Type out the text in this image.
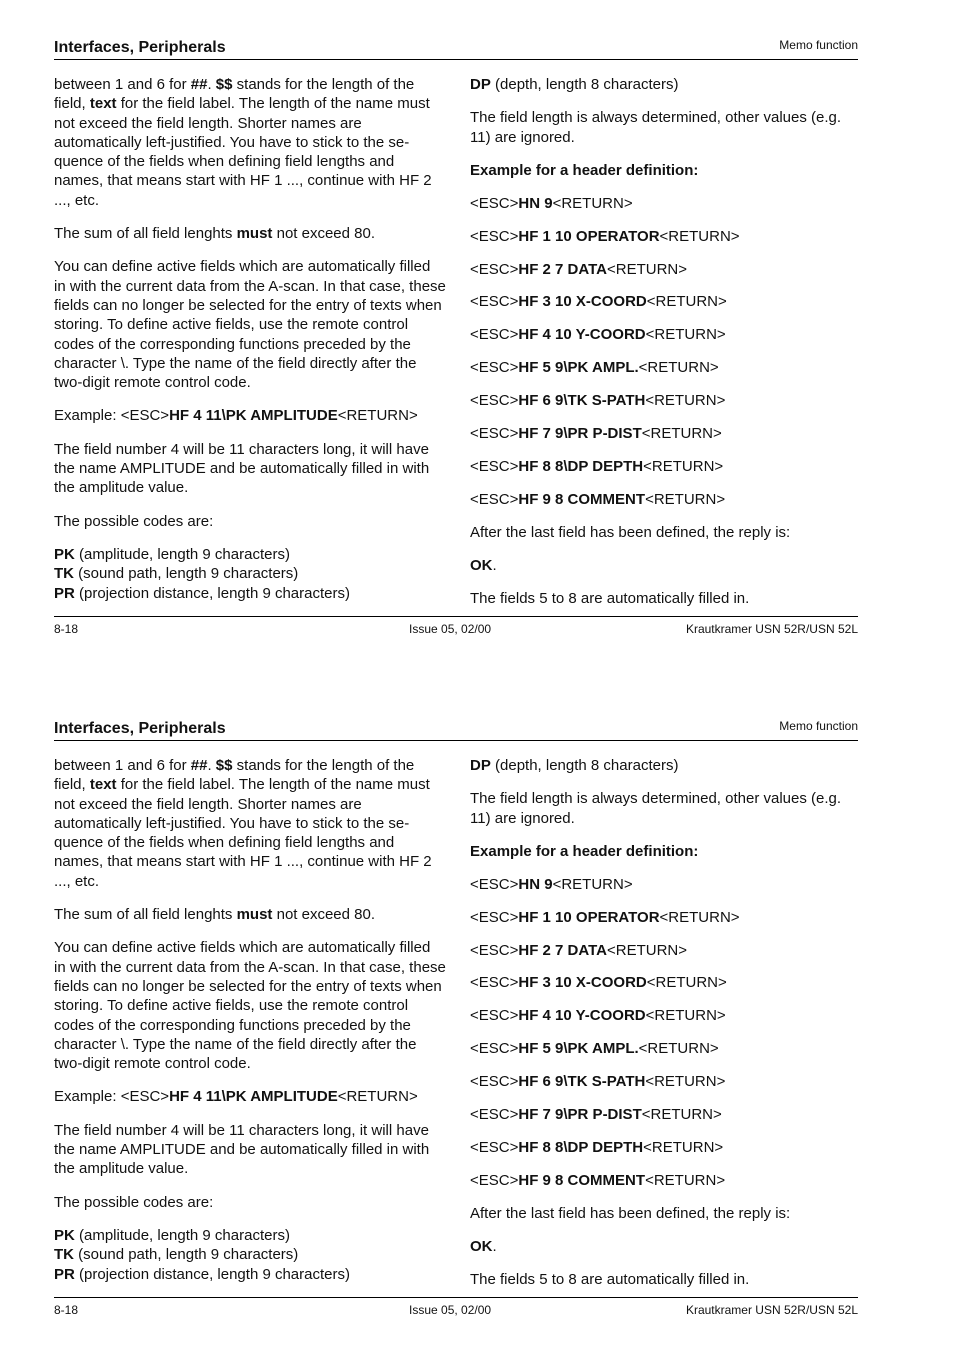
Interfaces, Peripherals	Memo function

between 1 and 6 for ##. $$ stands for the length of the field, text for the field label. The length of the name must not exceed the field length. Shorter names are automatically left-justified. You have to stick to the se-quence of the fields when defining field lengths and names, that means start with HF 1 ..., continue with HF 2 ..., etc.

The sum of all field lenghts must not exceed 80.

You can define active fields which are automatically filled in with the current data from the A-scan. In that case, these fields can no longer be selected for the entry of texts when storing. To define active fields, use the remote control codes of the corresponding functions preceded by the character \. Type the name of the field directly after the two-digit remote control code.

Example: <ESC>HF 4 11\PK AMPLITUDE<RETURN>

The field number 4 will be 11 characters long, it will have the name AMPLITUDE and be automatically filled in with the amplitude value.

The possible codes are:

PK (amplitude, length 9 characters)

TK (sound path, length 9 characters)

PR (projection distance, length 9 characters)

DP (depth, length 8 characters)

The field length is always determined, other values (e.g. 11) are ignored.

Example for a header definition:

<ESC>HN 9<RETURN>

<ESC>HF 1 10 OPERATOR<RETURN>

<ESC>HF 2 7 DATA<RETURN>

<ESC>HF 3 10 X-COORD<RETURN>

<ESC>HF 4 10 Y-COORD<RETURN>

<ESC>HF 5 9\PK AMPL.<RETURN>

<ESC>HF 6 9\TK S-PATH<RETURN>

<ESC>HF 7 9\PR P-DIST<RETURN>

<ESC>HF 8 8\DP DEPTH<RETURN>

<ESC>HF 9 8 COMMENT<RETURN>

After the last field has been defined, the reply is:

OK.

The fields 5 to 8 are automatically filled in.

8-18	Issue 05, 02/00	Krautkramer USN 52R/USN 52L
Interfaces, Peripherals	Memo function

between 1 and 6 for ##. $$ stands for the length of the field, text for the field label. The length of the name must not exceed the field length. Shorter names are automatically left-justified. You have to stick to the se-quence of the fields when defining field lengths and names, that means start with HF 1 ..., continue with HF 2 ..., etc.

The sum of all field lenghts must not exceed 80.

You can define active fields which are automatically filled in with the current data from the A-scan. In that case, these fields can no longer be selected for the entry of texts when storing. To define active fields, use the remote control codes of the corresponding functions preceded by the character \. Type the name of the field directly after the two-digit remote control code.

Example: <ESC>HF 4 11\PK AMPLITUDE<RETURN>

The field number 4 will be 11 characters long, it will have the name AMPLITUDE and be automatically filled in with the amplitude value.

The possible codes are:

PK (amplitude, length 9 characters)

TK (sound path, length 9 characters)

PR (projection distance, length 9 characters)

DP (depth, length 8 characters)

The field length is always determined, other values (e.g. 11) are ignored.

Example for a header definition:

<ESC>HN 9<RETURN>

<ESC>HF 1 10 OPERATOR<RETURN>

<ESC>HF 2 7 DATA<RETURN>

<ESC>HF 3 10 X-COORD<RETURN>

<ESC>HF 4 10 Y-COORD<RETURN>

<ESC>HF 5 9\PK AMPL.<RETURN>

<ESC>HF 6 9\TK S-PATH<RETURN>

<ESC>HF 7 9\PR P-DIST<RETURN>

<ESC>HF 8 8\DP DEPTH<RETURN>

<ESC>HF 9 8 COMMENT<RETURN>

After the last field has been defined, the reply is:

OK.

The fields 5 to 8 are automatically filled in.

8-18	Issue 05, 02/00	Krautkramer USN 52R/USN 52L
